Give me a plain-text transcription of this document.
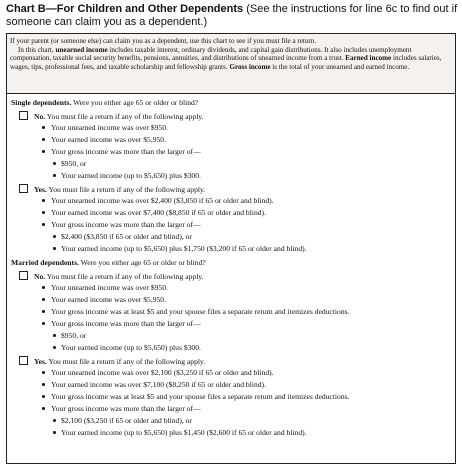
Chart B—For Children and Other Dependents (See the instructions for line 6c to find out if someone can claim you as a dependent.)

If your parent (or someone else) can claim you as a dependent, use this chart to see if you must file a return.

In this chart, unearned income includes taxable interest, ordinary dividends, and capital gain distributions. It also includes unemployment compensation, taxable social security benefits, pensions, annuities, and distributions of unearned income from a trust. Earned income includes salaries, wages, tips, professional fees, and taxable scholarship and fellowship grants. Gross income is the total of your unearned and earned income.

Single dependents. Were you either age 65 or older or blind?
No. You must file a return if any of the following apply.
Your unearned income was over $950.
Your earned income was over $5,950.
Your gross income was more than the larger of—
$950, or
Your earned income (up to $5,650) plus $300.
Yes. You must file a return if any of the following apply.
Your unearned income was over $2,400 ($3,850 if 65 or older and blind).
Your earned income was over $7,400 ($8,850 if 65 or older and blind).
Your gross income was more than the larger of—
$2,400 ($3,850 if 65 or older and blind), or
Your earned income (up to $5,650) plus $1,750 ($3,200 if 65 or older and blind).
Married dependents. Were you either age 65 or older or blind?
No. You must file a return if any of the following apply.
Your unearned income was over $950.
Your earned income was over $5,950.
Your gross income was at least $5 and your spouse files a separate return and itemizes deductions.
Your gross income was more than the larger of—
$950, or
Your earned income (up to $5,650) plus $300.
Yes. You must file a return if any of the following apply.
Your unearned income was over $2,100 ($3,250 if 65 or older and blind).
Your earned income was over $7,100 ($8,250 if 65 or older and blind).
Your gross income was at least $5 and your spouse files a separate return and itemizes deductions.
Your gross income was more than the larger of—
$2,100 ($3,250 if 65 or older and blind), or
Your earned income (up to $5,650) plus $1,450 ($2,600 if 65 or older and blind).
